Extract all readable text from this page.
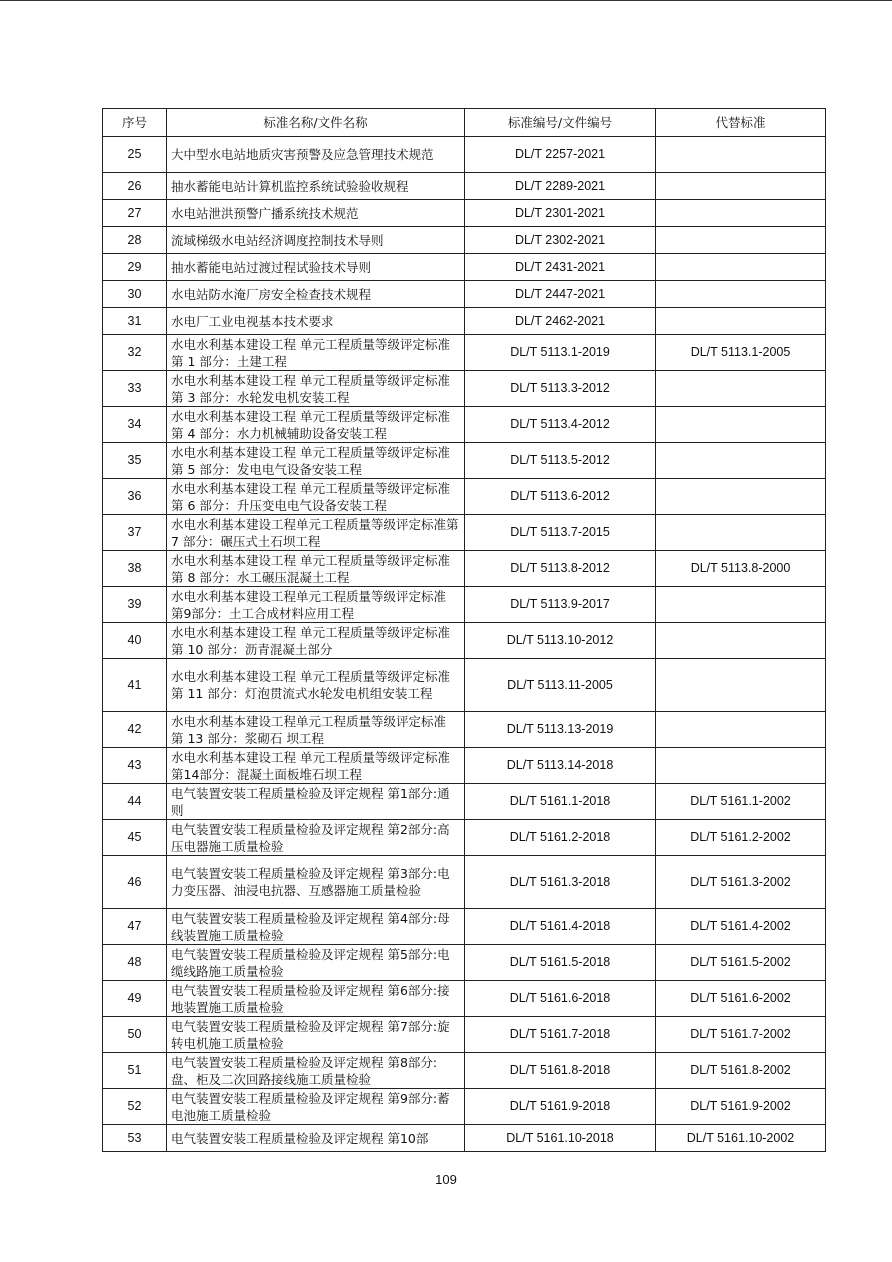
序号	标准名称/文件名称	标准编号/文件编号	代替标准
25	大中型水电站地质灾害预警及应急管理技术规范	DL/T 2257-2021	
26	抽水蓄能电站计算机监控系统试验验收规程	DL/T 2289-2021	
27	水电站泄洪预警广播系统技术规范	DL/T 2301-2021	
28	流域梯级水电站经济调度控制技术导则	DL/T 2302-2021	
29	抽水蓄能电站过渡过程试验技术导则	DL/T 2431-2021	
30	水电站防水淹厂房安全检查技术规程	DL/T 2447-2021	
31	水电厂工业电视基本技术要求	DL/T 2462-2021	
32	水电水利基本建设工程 单元工程质量等级评定标准 第 1 部分：土建工程	DL/T 5113.1-2019	DL/T 5113.1-2005
33	水电水利基本建设工程 单元工程质量等级评定标准 第 3 部分：水轮发电机安装工程	DL/T 5113.3-2012	
34	水电水利基本建设工程 单元工程质量等级评定标准 第 4 部分：水力机械辅助设备安装工程	DL/T 5113.4-2012	
35	水电水利基本建设工程 单元工程质量等级评定标准 第 5 部分：发电电气设备安装工程	DL/T 5113.5-2012	
36	水电水利基本建设工程 单元工程质量等级评定标准 第 6 部分：升压变电电气设备安装工程	DL/T 5113.6-2012	
37	水电水利基本建设工程单元工程质量等级评定标准第 7 部分：碾压式土石坝工程	DL/T 5113.7-2015	
38	水电水利基本建设工程 单元工程质量等级评定标准 第 8 部分：水工碾压混凝土工程	DL/T 5113.8-2012	DL/T 5113.8-2000
39	水电水利基本建设工程单元工程质量等级评定标准 第9部分：土工合成材料应用工程	DL/T 5113.9-2017	
40	水电水利基本建设工程 单元工程质量等级评定标准 第 10 部分：沥青混凝土部分	DL/T 5113.10-2012	
41	水电水利基本建设工程 单元工程质量等级评定标准 第 11 部分：灯泡贯流式水轮发电机组安装工程	DL/T 5113.11-2005	
42	水电水利基本建设工程单元工程质量等级评定标准 第 13 部分：浆砌石 坝工程	DL/T 5113.13-2019	
43	水电水利基本建设工程 单元工程质量等级评定标准 第14部分：混凝土面板堆石坝工程	DL/T 5113.14-2018	
44	电气装置安装工程质量检验及评定规程 第1部分:通则	DL/T 5161.1-2018	DL/T 5161.1-2002
45	电气装置安装工程质量检验及评定规程 第2部分:高压电器施工质量检验	DL/T 5161.2-2018	DL/T 5161.2-2002
46	电气装置安装工程质量检验及评定规程 第3部分:电力变压器、油浸电抗器、互感器施工质量检验	DL/T 5161.3-2018	DL/T 5161.3-2002
47	电气装置安装工程质量检验及评定规程 第4部分:母线装置施工质量检验	DL/T 5161.4-2018	DL/T 5161.4-2002
48	电气装置安装工程质量检验及评定规程 第5部分:电缆线路施工质量检验	DL/T 5161.5-2018	DL/T 5161.5-2002
49	电气装置安装工程质量检验及评定规程 第6部分:接地装置施工质量检验	DL/T 5161.6-2018	DL/T 5161.6-2002
50	电气装置安装工程质量检验及评定规程 第7部分:旋转电机施工质量检验	DL/T 5161.7-2018	DL/T 5161.7-2002
51	电气装置安装工程质量检验及评定规程 第8部分:盘、柜及二次回路接线施工质量检验	DL/T 5161.8-2018	DL/T 5161.8-2002
52	电气装置安装工程质量检验及评定规程 第9部分:蓄电池施工质量检验	DL/T 5161.9-2018	DL/T 5161.9-2002
53	电气装置安装工程质量检验及评定规程 第10部	DL/T 5161.10-2018	DL/T 5161.10-2002
109
